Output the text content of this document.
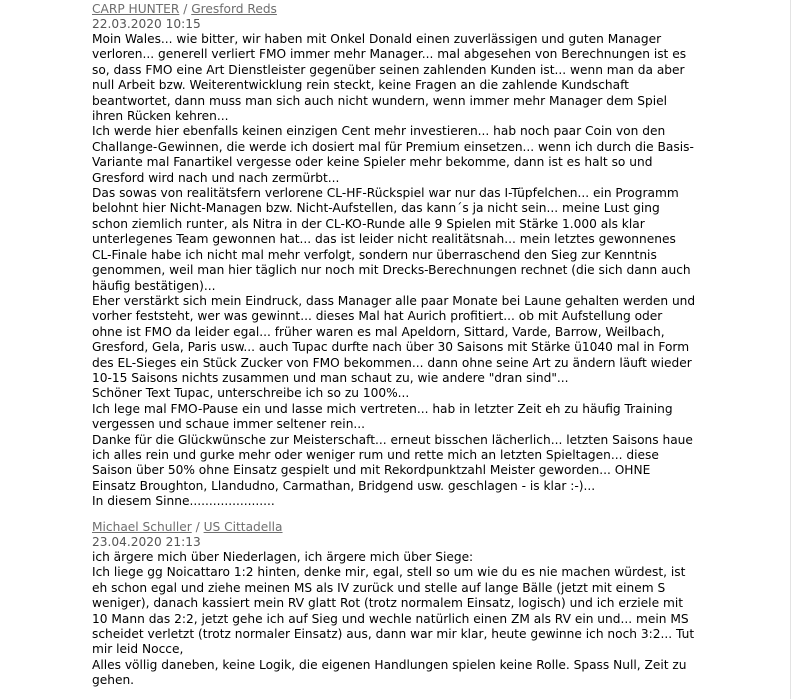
CARP HUNTER / Gresford Reds
22.03.2020 10:15

Moin Wales... wie bitter, wir haben mit Onkel Donald einen zuverlässigen und guten Manager verloren... generell verliert FMO immer mehr Manager... mal abgesehen von Berechnungen ist es so, dass FMO eine Art Dienstleister gegenüber seinen zahlenden Kunden ist... wenn man da aber null Arbeit bzw. Weiterentwicklung rein steckt, keine Fragen an die zahlende Kundschaft beantwortet, dann muss man sich auch nicht wundern, wenn immer mehr Manager dem Spiel ihren Rücken kehren...

Ich werde hier ebenfalls keinen einzigen Cent mehr investieren... hab noch paar Coin von den Challange-Gewinnen, die werde ich dosiert mal für Premium einsetzen... wenn ich durch die Basis-Variante mal Fanartikel vergesse oder keine Spieler mehr bekomme, dann ist es halt so und Gresford wird nach und nach zermürbt...

Das sowas von realitätsfern verlorene CL-HF-Rückspiel war nur das I-Tüpfelchen... ein Programm belohnt hier Nicht-Managen bzw. Nicht-Aufstellen, das kann´s ja nicht sein... meine Lust ging schon ziemlich runter, als Nitra in der CL-KO-Runde alle 9 Spielen mit Stärke 1.000 als klar unterlegenes Team gewonnen hat... das ist leider nicht realitätsnah... mein letztes gewonnenes CL-Finale habe ich nicht mal mehr verfolgt, sondern nur überraschend den Sieg zur Kenntnis genommen, weil man hier täglich nur noch mit Drecks-Berechnungen rechnet (die sich dann auch häufig bestätigen)...

Eher verstärkt sich mein Eindruck, dass Manager alle paar Monate bei Laune gehalten werden und vorher feststeht, wer was gewinnt... dieses Mal hat Aurich profitiert... ob mit Aufstellung oder ohne ist FMO da leider egal... früher waren es mal Apeldorn, Sittard, Varde, Barrow, Weilbach, Gresford, Gela, Paris usw... auch Tupac durfte nach über 30 Saisons mit Stärke ü1040 mal in Form des EL-Sieges ein Stück Zucker von FMO bekommen... dann ohne seine Art zu ändern läuft wieder 10-15 Saisons nichts zusammen und man schaut zu, wie andere "dran sind"...

Schöner Text Tupac, unterschreibe ich so zu 100%...

Ich lege mal FMO-Pause ein und lasse mich vertreten... hab in letzter Zeit eh zu häufig Training vergessen und schaue immer seltener rein...

Danke für die Glückwünsche zur Meisterschaft... erneut bisschen lächerlich... letzten Saisons haue ich alles rein und gurke mehr oder weniger rum und rette mich an letzten Spieltagen... diese Saison über 50% ohne Einsatz gespielt und mit Rekordpunktzahl Meister geworden... OHNE Einsatz Broughton, Llandudno, Carmathan, Bridgend usw. geschlagen - is klar :-)...

In diesem Sinne......................

Michael Schuller / US Cittadella
23.04.2020 21:13

ich ärgere mich über Niederlagen, ich ärgere mich über Siege:

Ich liege gg Noicattaro 1:2 hinten, denke mir, egal, stell so um wie du es nie machen würdest, ist eh schon egal und ziehe meinen MS als IV zurück und stelle auf lange Bälle (jetzt mit einem S weniger), danach kassiert mein RV glatt Rot (trotz normalem Einsatz, logisch) und ich erziele mit 10 Mann das 2:2, jetzt gehe ich auf Sieg und wechle natürlich einen ZM als RV ein und... mein MS scheidet verletzt (trotz normaler Einsatz) aus, dann war mir klar, heute gewinne ich noch 3:2... Tut mir leid Nocce,

Alles völlig daneben, keine Logik, die eigenen Handlungen spielen keine Rolle. Spass Null, Zeit zu gehen.
